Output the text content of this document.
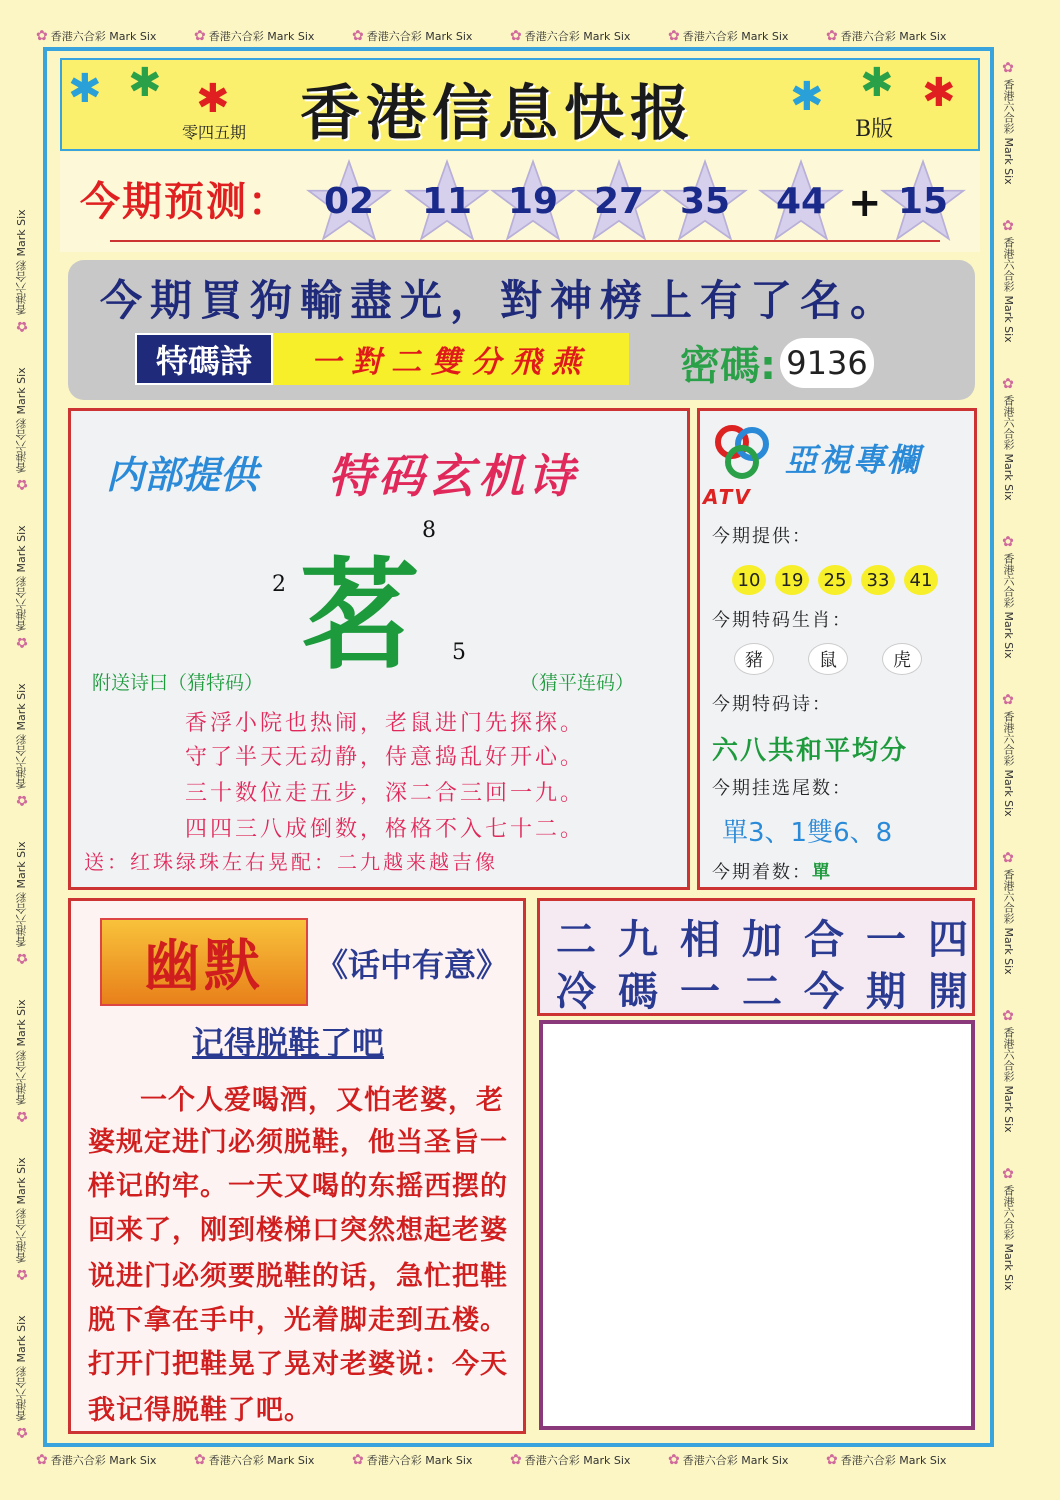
✿ 香港六合彩 Mark Six	✿ 香港六合彩 Mark Six	✿ 香港六合彩 Mark Six	✿ 香港六合彩 Mark Six	✿ 香港六合彩 Mark Six	✿ 香港六合彩 Mark Six
✿ 香港六合彩 Mark Six	✿ 香港六合彩 Mark Six	✿ 香港六合彩 Mark Six	✿ 香港六合彩 Mark Six	✿ 香港六合彩 Mark Six	✿ 香港六合彩 Mark Six
✿
香港六合彩 Mark Six
✿
香港六合彩 Mark Six
✿
香港六合彩 Mark Six
✿
香港六合彩 Mark Six
✿
香港六合彩 Mark Six
✿
香港六合彩 Mark Six
✿
香港六合彩 Mark Six
✿
香港六合彩 Mark Six
✿
香港六合彩 Mark Six
✿
香港六合彩 Mark Six
✿
香港六合彩 Mark Six
✿
香港六合彩 Mark Six
✿
香港六合彩 Mark Six
✿
香港六合彩 Mark Six
✿
香港六合彩 Mark Six
✿
香港六合彩 Mark Six
✱ ✱ ✱	✱ ✱ ✱
香港信息快报
零四五期	B版
今期预测： 02 11 19 27 35 44 + 15
今期買狗輸盡光，對神榜上有了名。
特碼詩	一對二雙分飛燕	密碼: 9136
内部提供 特码玄机诗
茗
8
2
5
附送诗曰（猜特码）	（猜平连码）
香浮小院也热闹，老鼠进门先探探。
守了半天无动静，侍意捣乱好开心。
三十数位走五步，深二合三回一九。
四四三八成倒数，格格不入七十二。
送：红珠绿珠左右晃配：二九越来越吉像
ATV
亞視專欄
今期提供：
10	19	25	33	41
今期特码生肖：
豬	鼠	虎
今期特码诗：
六八共和平均分
今期挂选尾数：
單3、1雙6、8
今期着数：單
幽默 《话中有意》
记得脱鞋了吧
一个人爱喝酒，又怕老婆，老
婆规定进门必须脱鞋，他当圣旨一
样记的牢。一天又喝的东摇西摆的
回来了，刚到楼梯口突然想起老婆
说进门必须要脱鞋的话，急忙把鞋
脱下拿在手中，光着脚走到五楼。
打开门把鞋晃了晃对老婆说：今天
我记得脱鞋了吧。
二九相加合一四
冷碼一二今期開
